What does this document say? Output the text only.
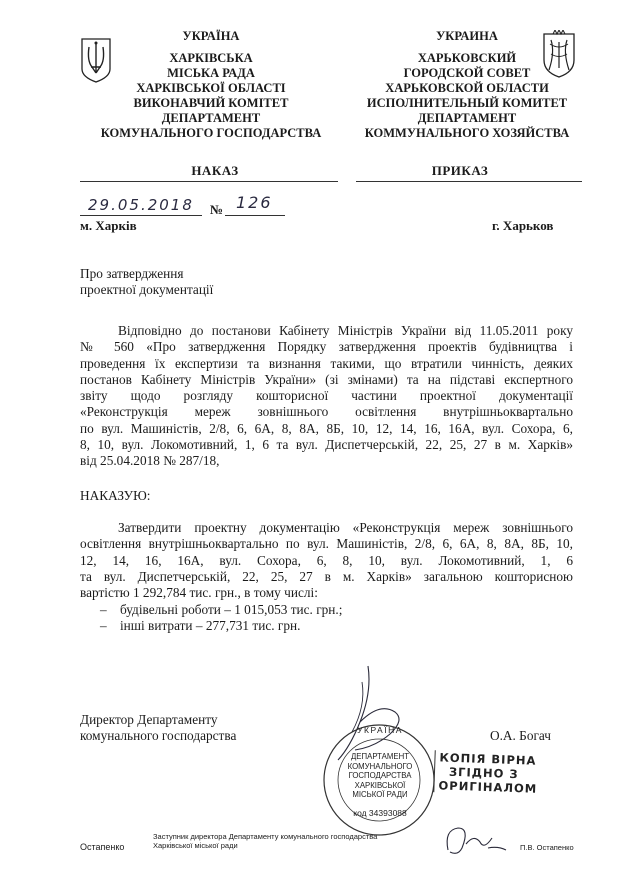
УКРАЇНА
ХАРКІВСЬКА
МІСЬКА РАДА
ХАРКІВСЬКОЇ ОБЛАСТІ
ВИКОНАВЧИЙ КОМІТЕТ
ДЕПАРТАМЕНТ
КОМУНАЛЬНОГО ГОСПОДАРСТВА
УКРАИНА
ХАРЬКОВСКИЙ
ГОРОДСКОЙ СОВЕТ
ХАРЬКОВСКОЙ ОБЛАСТИ
ИСПОЛНИТЕЛЬНЫЙ КОМИТЕТ
ДЕПАРТАМЕНТ
КОММУНАЛЬНОГО ХОЗЯЙСТВА
НАКАЗ	ПРИКАЗ
29.05.2018 № 126
м. Харків	г. Харьков
Про затвердження
проектної документації
Відповідно до постанови Кабінету Міністрів України від 11.05.2011 року
№ 560 «Про затвердження Порядку затвердження проектів будівництва і
проведення їх експертизи та визнання такими, що втратили чинність, деяких
постанов Кабінету Міністрів України» (зі змінами) та на підставі експертного
звіту щодо розгляду кошторисної частини проектної документації
«Реконструкція мереж зовнішнього освітлення внутрішньоквартально
по вул. Машиністів, 2/8, 6, 6А, 8, 8А, 8Б, 10, 12, 14, 16, 16А, вул. Сохора, 6,
8, 10, вул. Локомотивний, 1, 6 та вул. Диспетчерській, 22, 25, 27 в м. Харків»
від 25.04.2018 № 287/18,
НАКАЗУЮ:
Затвердити проектну документацію «Реконструкція мереж зовнішнього
освітлення внутрішньоквартально по вул. Машиністів, 2/8, 6, 6А, 8, 8А, 8Б, 10,
12, 14, 16, 16А, вул. Сохора, 6, 8, 10, вул. Локомотивний, 1, 6
та вул. Диспетчерській, 22, 25, 27 в м. Харків» загальною кошторисною
вартістю 1 292,784 тис. грн., в тому числі:
– будівельні роботи – 1 015,053 тис. грн.;
– інші витрати – 277,731 тис. грн.
Директор Департаменту
комунального господарства	О.А. Богач
УКРАЇНА
ДЕПАРТАМЕНТ
КОМУНАЛЬНОГО
ГОСПОДАРСТВА
ХАРКІВСЬКОЇ
МІСЬКОЇ РАДИ
код 34393088
КОПІЯ ВІРНА
ЗГІДНО З
ОРИГІНАЛОМ
Остапенко
Заступник директора Департаменту комунального господарства
Харківської міської ради	П.В. Остапенко
